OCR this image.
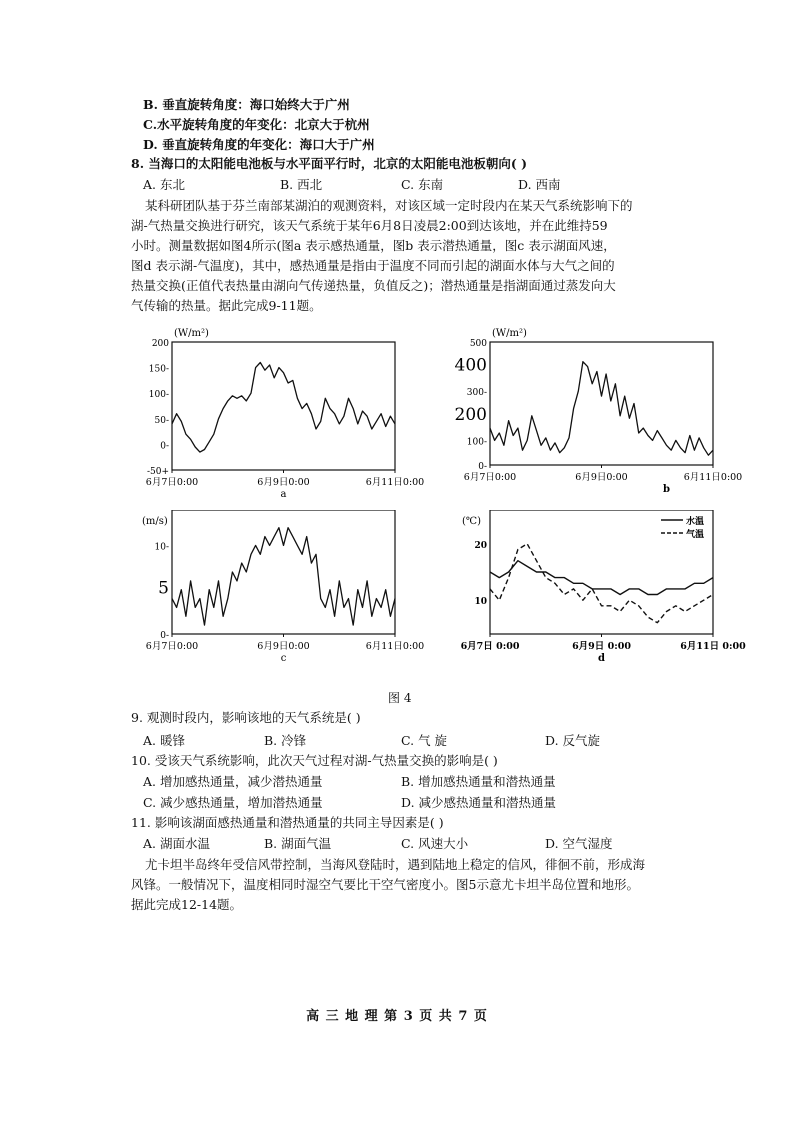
B. 垂直旋转角度：海口始终大于广州
C.水平旋转角度的年变化：北京大于杭州
D. 垂直旋转角度的年变化：海口大于广州
8. 当海口的太阳能电池板与水平面平行时，北京的太阳能电池板朝向( )
A. 东北	B. 西北	C. 东南	D. 西南
某科研团队基于芬兰南部某湖泊的观测资料，对该区域一定时段内在某天气系统影响下的
湖-气热量交换进行研究，该天气系统于某年6月8日凌晨2:00到达该地，并在此维持59
小时。测量数据如图4所示(图a 表示感热通量，图b 表示潜热通量，图c 表示湖面风速，
图d 表示湖-气温度)，其中，感热通量是指由于温度不同而引起的湖面水体与大气之间的
热量交换(正值代表热量由湖向气传递热量，负值反之)；潜热通量是指湖面通过蒸发向大
气传输的热量。据此完成9-11题。
(W/m²)
200
150-
100-
50-
0-
-50+
6月7日0:00	6月9日0:00	6月11日0:00
a
(W/m²)
500
400
300-
200
100-
0-
6月7日0:00	6月9日0:00	6月11日0:00
b
(m/s)
10-
5
0-
6月7日0:00	6月9日0:00	6月11日0:00
c
(℃)
20
10
6月7日 0:00	6月9日 0:00	6月11日 0:00
d
水温
气温
图 4
9. 观测时段内，影响该地的天气系统是( )
A. 暖锋	B. 冷锋	C. 气 旋	D. 反气旋
10. 受该天气系统影响，此次天气过程对湖-气热量交换的影响是( )
A. 增加感热通量，减少潜热通量	B. 增加感热通量和潜热通量
C. 减少感热通量，增加潜热通量	D. 减少感热通量和潜热通量
11. 影响该湖面感热通量和潜热通量的共同主导因素是( )
A. 湖面水温	B. 湖面气温	C. 风速大小	D. 空气湿度
尤卡坦半岛终年受信风带控制，当海风登陆时，遇到陆地上稳定的信风，徘徊不前，形成海
风锋。一般情况下，温度相同时湿空气要比干空气密度小。图5示意尤卡坦半岛位置和地形。
据此完成12-14题。
高 三 地 理 第 3 页 共 7 页
